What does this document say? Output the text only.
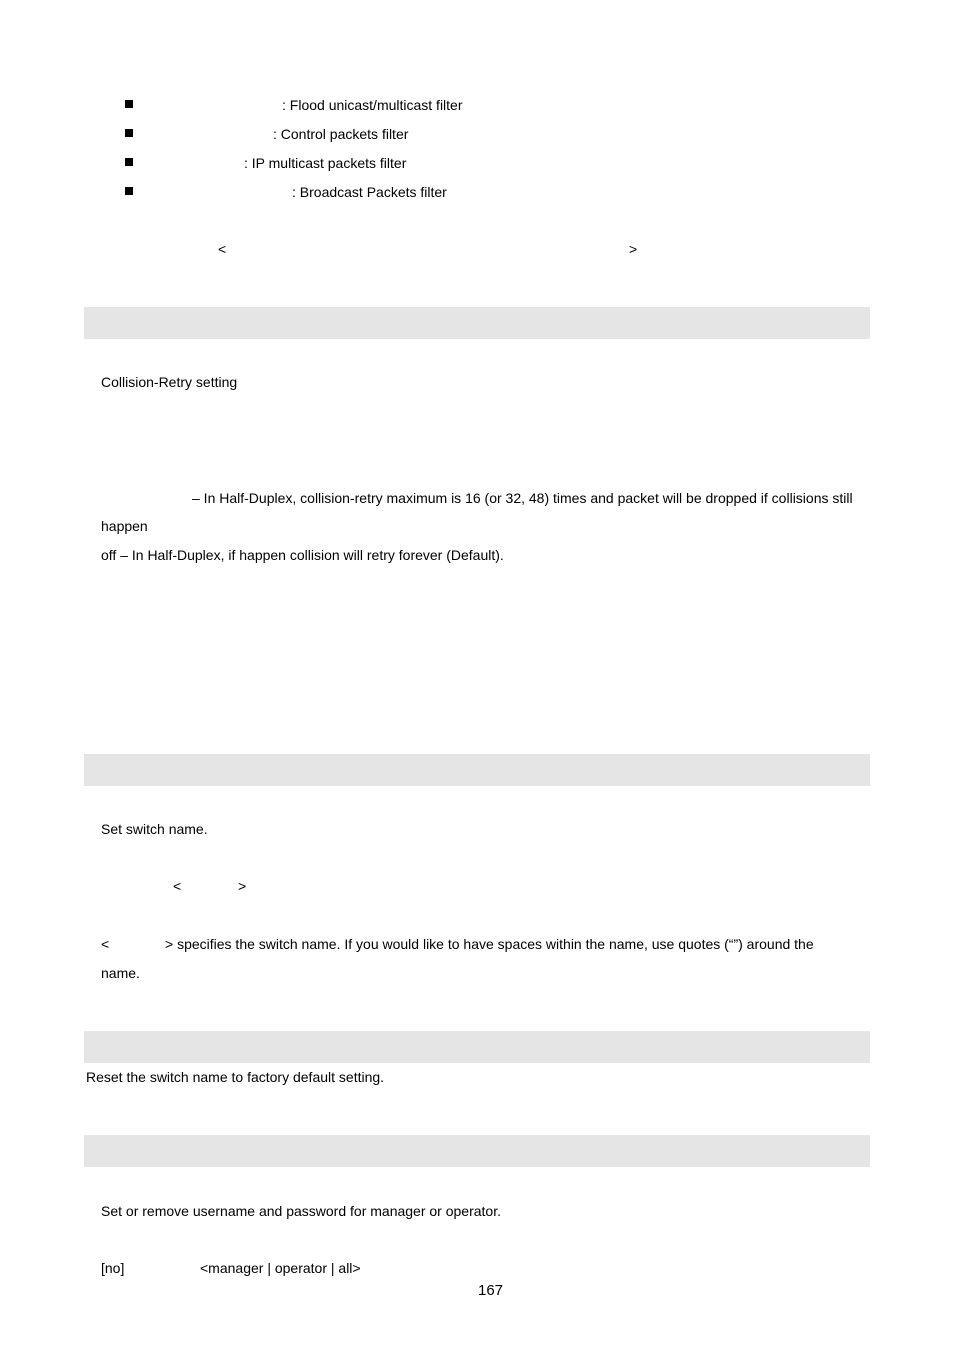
: Flood unicast/multicast filter
: Control packets filter
: IP multicast packets filter
: Broadcast Packets filter
<	>
Collision-Retry setting
– In Half-Duplex, collision-retry maximum is 16 (or 32, 48) times and packet will be dropped if collisions still
happen
off – In Half-Duplex, if happen collision will retry forever (Default).
Set switch name.
<	>
<	> specifies the switch name. If you would like to have spaces within the name, use quotes (“”) around the
name.
Reset the switch name to factory default setting.
Set or remove username and password for manager or operator.
[no]	<manager | operator | all>
167
